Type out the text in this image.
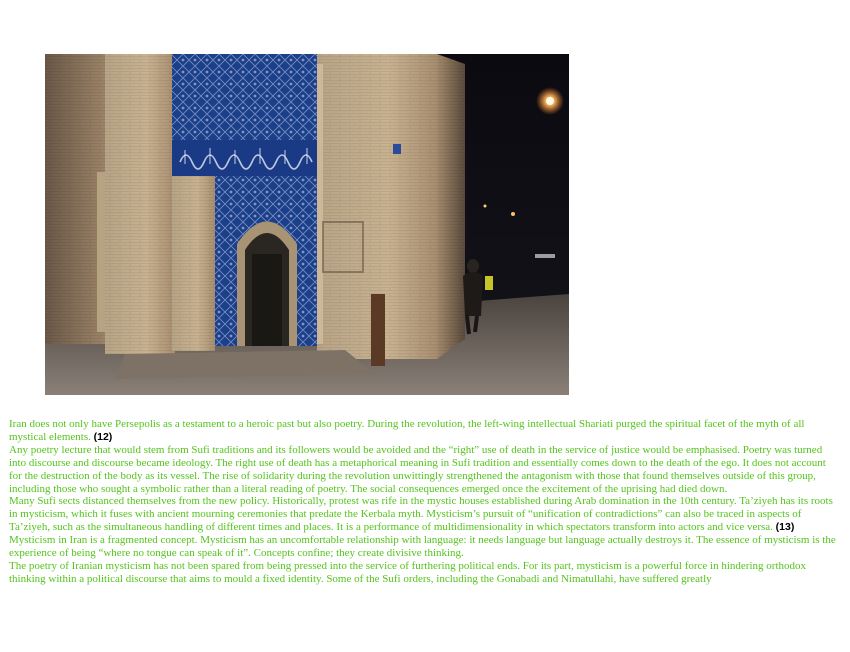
Iran does not only have Persepolis as a testament to a heroic past but also poetry. During the revolution, the left-wing intellectual Shariati purged the spiritual facet of the myth of all mystical elements. (12)

Any poetry lecture that would stem from Sufi traditions and its followers would be avoided and the “right” use of death in the service of justice would be emphasised. Poetry was turned into discourse and discourse became ideology. The right use of death has a metaphorical meaning in Sufi tradition and essentially comes down to the death of the ego. It does not account for the destruction of the body as its vessel. The rise of solidarity during the revolution unwittingly strengthened the antagonism with those that found themselves outside of this group, including those who sought a symbolic rather than a literal reading of poetry. The social consequences emerged once the excitement of the uprising had died down.

Many Sufi sects distanced themselves from the new policy. Historically, protest was rife in the mystic houses established during Arab domination in the 10th century. Ta’ziyeh has its roots in mysticism, which it fuses with ancient mourning ceremonies that predate the Kerbala myth. Mysticism’s pursuit of “unification of contradictions” can also be traced in aspects of Ta’ziyeh, such as the simultaneous handling of different times and places. It is a performance of multidimensionality in which spectators transform into actors and vice versa. (13)

Mysticism in Iran is a fragmented concept. Mysticism has an uncomfortable relationship with language: it needs language but language actually destroys it. The essence of mysticism is the experience of being “where no tongue can speak of it”. Concepts confine; they create divisive thinking.

The poetry of Iranian mysticism has not been spared from being pressed into the service of furthering political ends. For its part, mysticism is a powerful force in hindering orthodox thinking within a political discourse that aims to mould a fixed identity. Some of the Sufi orders, including the Gonabadi and Nimatullahi, have suffered greatly
